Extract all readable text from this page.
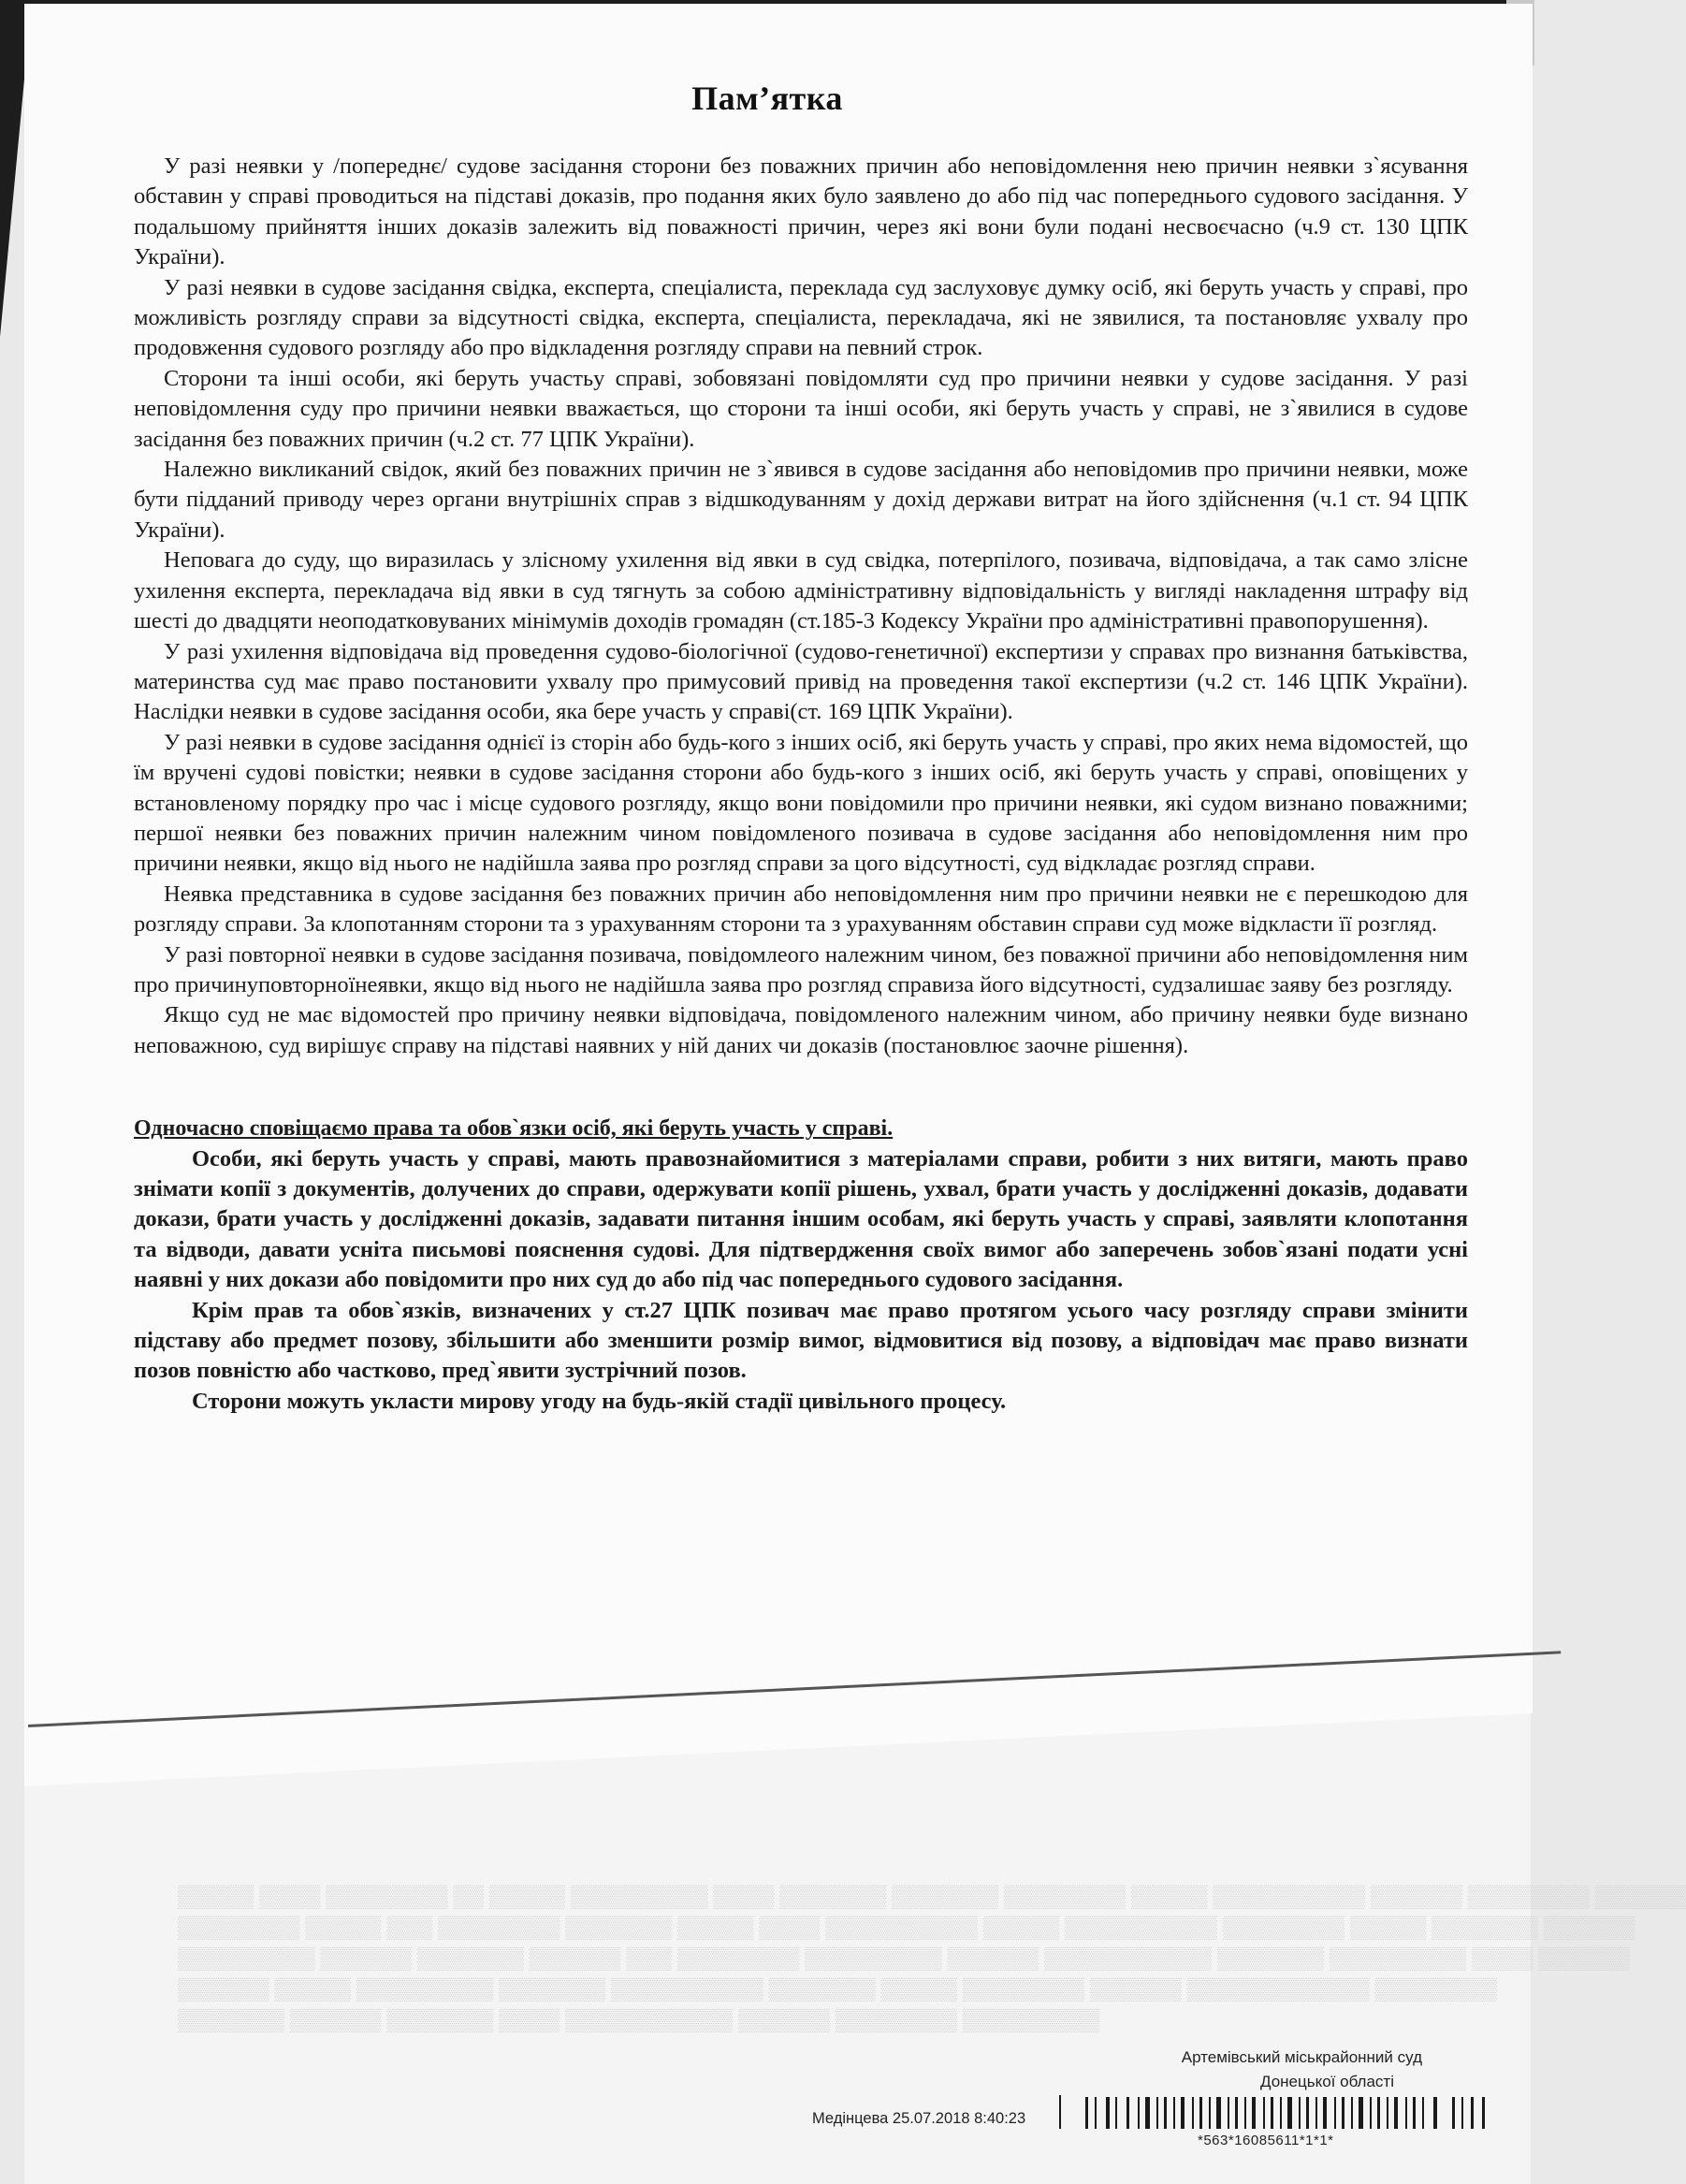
Пам’ятка

У разі неявки у /попереднє/ судове засідання сторони без поважних причин або неповідомлення нею причин неявки з`ясування обставин у справі проводиться на підставі доказів, про подання яких було заявлено до або під час попереднього судового засідання. У подальшому прийняття інших доказів залежить від поважності причин, через які вони були подані несвоєчасно (ч.9 ст. 130 ЦПК України).

У разі неявки в судове засідання свідка, експерта, спеціалиста, переклада суд заслуховує думку осіб, які беруть участь у справі, про можливість розгляду справи за відсутності свідка, експерта, спеціалиста, перекладача, які не зявилися, та постановляє ухвалу про продовження судового розгляду або про відкладення розгляду справи на певний строк.

Сторони та інші особи, які беруть участьу справі, зобовязані повідомляти суд про причини неявки у судове засідання. У разі неповідомлення суду про причини неявки вважається, що сторони та інші особи, які беруть участь у справі, не з`явилися в судове засідання без поважних причин (ч.2 ст. 77 ЦПК України).

Належно викликаний свідок, який без поважних причин не з`явився в судове засідання або неповідомив про причини неявки, може бути підданий приводу через органи внутрішніх справ з відшкодуванням у дохід держави витрат на його здійснення (ч.1 ст. 94 ЦПК України).

Неповага до суду, що виразилась у злісному ухилення від явки в суд свідка, потерпілого, позивача, відповідача, а так само злісне ухилення експерта, перекладача від явки в суд тягнуть за собою адміністративну відповідальність у вигляді накладення штрафу від шесті до двадцяти неоподатковуваних мінімумів доходів громадян (ст.185-3 Кодексу України про адміністративні правопорушення).

У разі ухилення відповідача від проведення судово-біологічної (судово-генетичної) експертизи у справах про визнання батьківства, материнства суд має право постановити ухвалу про примусовий привід на проведення такої експертизи (ч.2 ст. 146 ЦПК України). Наслідки неявки в судове засідання особи, яка бере участь у справі(ст. 169 ЦПК України).

У разі неявки в судове засідання однієї із сторін або будь-кого з інших осіб, які беруть участь у справі, про яких нема відомостей, що їм вручені судові повістки; неявки в судове засідання сторони або будь-кого з інших осіб, які беруть участь у справі, оповіщених у встановленому порядку про час і місце судового розгляду, якщо вони повідомили про причини неявки, які судом визнано поважними; першої неявки без поважних причин належним чином повідомленого позивача в судове засідання або неповідомлення ним про причини неявки, якщо від нього не надійшла заява про розгляд справи за цого відсутності, суд відкладає розгляд справи.

Неявка представника в судове засідання без поважних причин або неповідомлення ним про причини неявки не є перешкодою для розгляду справи. За клопотанням сторони та з урахуванням сторони та з урахуванням обставин справи суд може відкласти її розгляд.

У разі повторної неявки в судове засідання позивача, повідомлеого належним чином, без поважної причини або неповідомлення ним про причинуповторноїнеявки, якщо від нього не надійшла заява про розгляд справиза його відсутності, судзалишає заяву без розгляду.

Якщо суд не має відомостей про причину неявки відповідача, повідомленого належним чином, або причину неявки буде визнано неповажною, суд вирішує справу на підставі наявних у ній даних чи доказів (постановлює заочне рішення).

Одночасно сповіщаємо права та обов`язки осіб, які беруть участь у справі.

Особи, які беруть участь у справі, мають правознайомитися з матеріалами справи, робити з них витяги, мають право знімати копії з документів, долучених до справи, одержувати копії рішень, ухвал, брати участь у дослідженні доказів, додавати докази, брати участь у дослідженні доказів, задавати питання іншим особам, які беруть участь у справі, заявляти клопотання та відводи, давати усніта письмові пояснення судові. Для підтвердження своїх вимог або заперечень зобов`язані подати усні наявні у них докази або повідомити про них суд до або під час попереднього судового засідання.

Крім прав та обов`язків, визначених у ст.27 ЦПК позивач має право протягом усього часу розгляду справи змінити підставу або предмет позову, збільшити або зменшити розмір вимог, відмовитися від позову, а відповідач має право визнати позов повністю або частково, пред`явити зустрічний позов.

Сторони можуть укласти мирову угоду на будь-якій стадії цивільного процесу.

▒▒▒▒▒ ▒▒▒▒ ▒▒▒▒▒▒▒▒ ▒▒ ▒▒▒▒▒ ▒▒▒▒▒▒▒▒▒ ▒▒▒▒ ▒▒▒▒▒▒▒ ▒▒▒▒▒▒▒ ▒▒▒▒▒▒▒▒ ▒▒▒▒▒ ▒▒▒▒▒▒▒▒▒▒ ▒▒▒▒▒▒ ▒▒▒▒▒▒▒▒ ▒▒▒▒▒▒
▒▒▒▒▒▒▒▒ ▒▒▒▒▒ ▒▒▒ ▒▒▒▒▒▒▒▒ ▒▒▒▒▒▒▒ ▒▒▒▒▒ ▒▒▒▒ ▒▒▒▒▒▒▒▒▒▒ ▒▒▒▒▒ ▒▒▒▒▒▒▒▒▒▒ ▒▒▒▒▒▒▒▒ ▒▒▒▒▒ ▒▒▒▒▒▒▒ ▒▒▒▒▒▒
▒▒▒▒▒▒▒▒▒ ▒▒▒▒▒▒ ▒▒▒▒▒▒▒ ▒▒▒▒▒▒ ▒▒▒ ▒▒▒▒▒▒▒▒ ▒▒▒▒▒▒▒▒▒ ▒▒▒▒▒▒ ▒▒▒▒▒▒▒▒▒▒▒ ▒▒▒▒▒▒▒ ▒▒▒▒▒▒▒▒▒ ▒▒▒▒ ▒▒▒▒▒▒
▒▒▒▒▒▒ ▒▒▒▒▒ ▒▒▒▒▒▒▒▒▒ ▒▒▒▒▒▒▒ ▒▒▒▒▒▒▒▒▒▒ ▒▒▒▒▒▒▒ ▒▒▒▒▒ ▒▒▒▒▒▒▒▒ ▒▒▒▒▒▒ ▒▒▒▒▒▒▒▒▒▒▒▒ ▒▒▒▒▒▒▒▒
▒▒▒▒▒▒▒ ▒▒▒▒▒▒ ▒▒▒▒▒▒▒ ▒▒▒▒ ▒▒▒▒▒▒▒▒▒▒▒ ▒▒▒▒▒▒ ▒▒▒▒▒▒▒▒ ▒▒▒▒▒▒▒▒▒
Артемівський міськрайонний суд
Донецької області
Медінцева 25.07.2018 8:40:23
*563*16085611*1*1*
